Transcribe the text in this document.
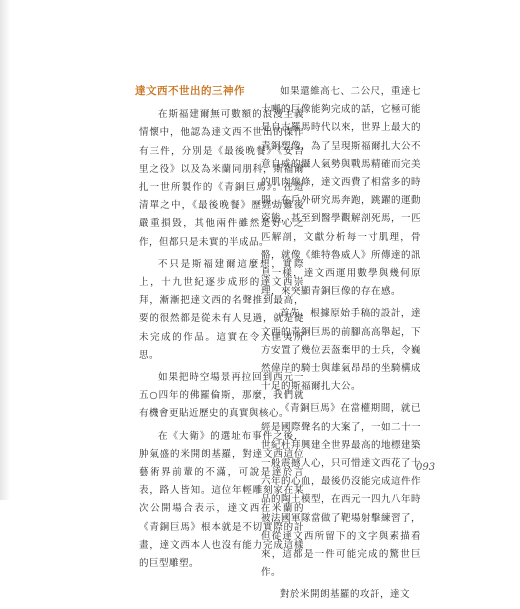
達文西不世出的三神作

在斯福建爾無可數額的浪漫主義情懷中，他認為達文西不世出的傑作有三件，分別是《最後晚餐》《安吉里之役》以及為米蘭同朋科，斯福爾扎一世所製作的《青銅巨馬》。在這清單之中，《最後晚餐》歷經劫難後嚴重損毀，其他兩件雖然是好心之作，但都只是未實的半成品。

不只是斯福建爾這麼想，實際上，十九世紀逐步成形的達文西崇拜，漸漸把達文西的名聲推到最高，要的很然都是從未有人見過，就是從未完成的作品。這實在令人匪夷所思。

如果把時空場景再拉回到西元一五○四年的佛羅倫斯，那麼，我們就有機會更貼近歷史的真實與核心。

在《大衛》的選址布事件之後，肿氣盛的米開朗基羅，對達文西這位藝術界前輩的不滿，可說是達於言表，路人皆知。這位年輕雕刻家在某次公開場合表示，達文西在米蘭的《青銅巨馬》根本就是不切實際的計畫，達文西本人也沒有能力完成這樣的巨型雕塑。

如果還維高七、二公尺，重達七十噸的巨像能夠完成的話，它極可能是自古羅馬時代以來，世界上最大的青銅塑像，為了呈現斯福爾扎大公不意自威的懾人氣勢與戰馬精確而完美的肌肉線條，達文西費了相當多的時間，在戶外研究馬奔跑，跳躍的運動姿態，甚至到醫學觀解剖死馬，一匹匹解剖，文獻分析每一寸肌理，骨骼，就像《維特魯威人》所傳達的訊息一樣，達文西運用數學與幾何原理，來突顯青銅巨像的存在感。

首先，根據原始手稿的設計，達文西的青銅巨馬的前腳高高舉起，下方安置了幾位丟盔棄甲的士兵，令巍然偉岸的騎士與雄氣昂昂的坐騎構成十足的斯福爾扎大公。

《青銅巨馬》在當權期間，就已經是國際聲名的大案了，一如二十一世紀杜拜興建全世界最高的地標建築一般震撼人心，只可惜達文西花了十六年的心血，最後仍沒能完成這件作品的陶土模型，在西元一四九八年時被法國軍隊當做了靶場射擊練習了，但從達文西所留下的文字與素描看來，這都是一件可能完成的驚世巨作。

對於米開朗基羅的攻訐，達文

093
